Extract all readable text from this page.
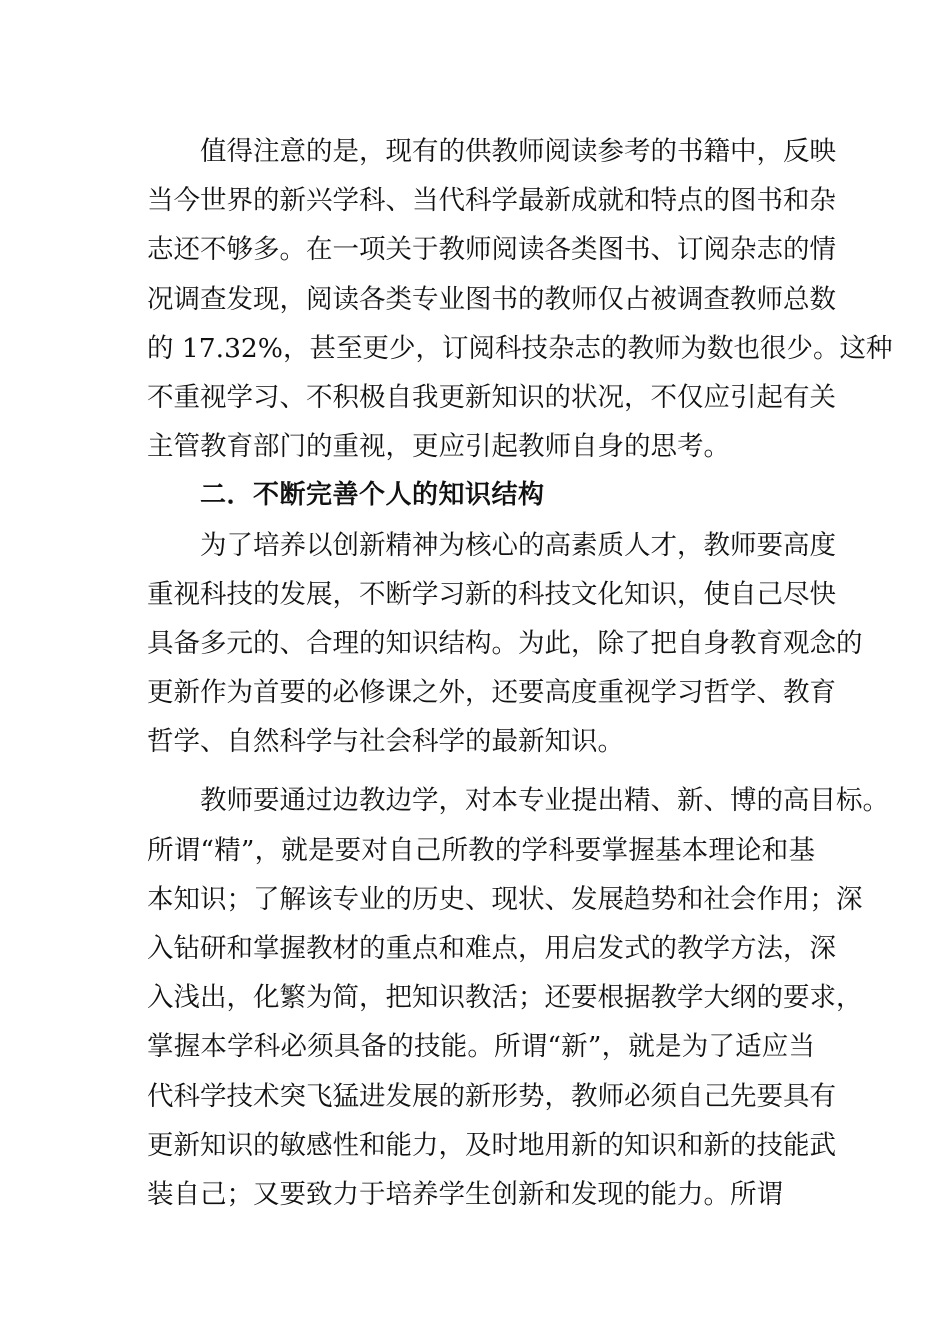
值得注意的是，现有的供教师阅读参考的书籍中，反映
当今世界的新兴学科、当代科学最新成就和特点的图书和杂
志还不够多。在一项关于教师阅读各类图书、订阅杂志的情
况调查发现，阅读各类专业图书的教师仅占被调查教师总数
的 17.32%，甚至更少，订阅科技杂志的教师为数也很少。这种
不重视学习、不积极自我更新知识的状况，不仅应引起有关
主管教育部门的重视，更应引起教师自身的思考。
二．不断完善个人的知识结构
为了培养以创新精神为核心的高素质人才，教师要高度
重视科技的发展，不断学习新的科技文化知识，使自己尽快
具备多元的、合理的知识结构。为此，除了把自身教育观念的
更新作为首要的必修课之外，还要高度重视学习哲学、教育
哲学、自然科学与社会科学的最新知识。
教师要通过边教边学，对本专业提出精、新、博的高目标。
所谓“精”，就是要对自己所教的学科要掌握基本理论和基
本知识；了解该专业的历史、现状、发展趋势和社会作用；深
入钻研和掌握教材的重点和难点，用启发式的教学方法，深
入浅出，化繁为简，把知识教活；还要根据教学大纲的要求，
掌握本学科必须具备的技能。所谓“新”，就是为了适应当
代科学技术突飞猛进发展的新形势，教师必须自己先要具有
更新知识的敏感性和能力，及时地用新的知识和新的技能武
装自己；又要致力于培养学生创新和发现的能力。所谓
